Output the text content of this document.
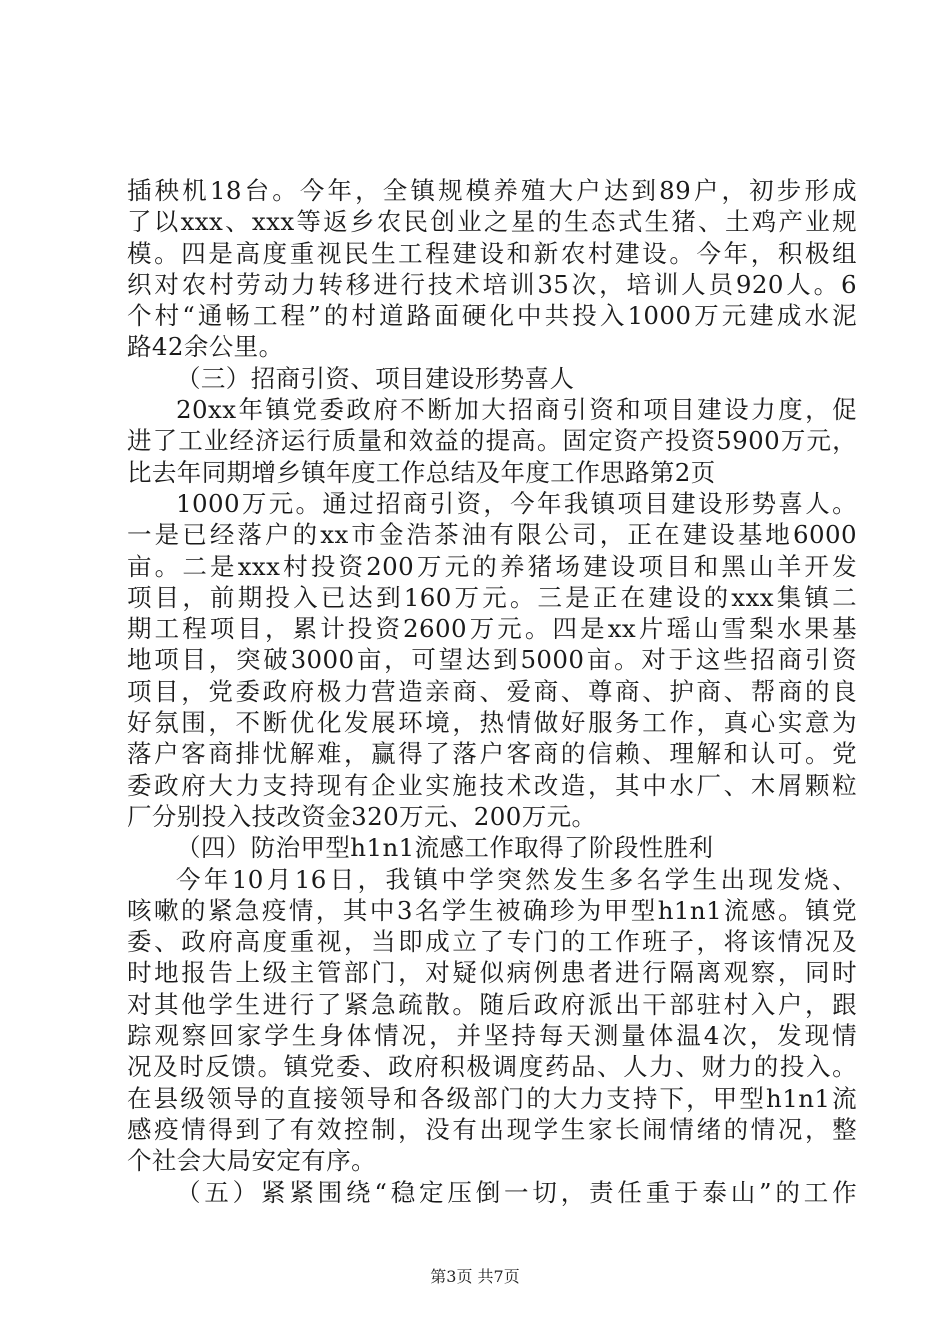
插秧机18台。今年，全镇规模养殖大户达到89户，初步形成
了以xxx、xxx等返乡农民创业之星的生态式生猪、土鸡产业规
模。四是高度重视民生工程建设和新农村建设。今年，积极组
织对农村劳动力转移进行技术培训35次，培训人员920人。6
个村“通畅工程”的村道路面硬化中共投入1000万元建成水泥
路42余公里。
（三）招商引资、项目建设形势喜人
20xx年镇党委政府不断加大招商引资和项目建设力度，促
进了工业经济运行质量和效益的提高。固定资产投资5900万元，
比去年同期增乡镇年度工作总结及年度工作思路第2页
1000万元。通过招商引资，今年我镇项目建设形势喜人。
一是已经落户的xx市金浩茶油有限公司，正在建设基地6000
亩。二是xxx村投资200万元的养猪场建设项目和黑山羊开发
项目，前期投入已达到160万元。三是正在建设的xxx集镇二
期工程项目，累计投资2600万元。四是xx片瑶山雪梨水果基
地项目，突破3000亩，可望达到5000亩。对于这些招商引资
项目，党委政府极力营造亲商、爱商、尊商、护商、帮商的良
好氛围，不断优化发展环境，热情做好服务工作，真心实意为
落户客商排忧解难，赢得了落户客商的信赖、理解和认可。党
委政府大力支持现有企业实施技术改造，其中水厂、木屑颗粒
厂分别投入技改资金320万元、200万元。
（四）防治甲型h1n1流感工作取得了阶段性胜利
今年10月16日，我镇中学突然发生多名学生出现发烧、
咳嗽的紧急疫情，其中3名学生被确珍为甲型h1n1流感。镇党
委、政府高度重视，当即成立了专门的工作班子，将该情况及
时地报告上级主管部门，对疑似病例患者进行隔离观察，同时
对其他学生进行了紧急疏散。随后政府派出干部驻村入户，跟
踪观察回家学生身体情况，并坚持每天测量体温4次，发现情
况及时反馈。镇党委、政府积极调度药品、人力、财力的投入。
在县级领导的直接领导和各级部门的大力支持下，甲型h1n1流
感疫情得到了有效控制，没有出现学生家长闹情绪的情况，整
个社会大局安定有序。
（五）紧紧围绕“稳定压倒一切，责任重于泰山”的工作
第3页 共7页
